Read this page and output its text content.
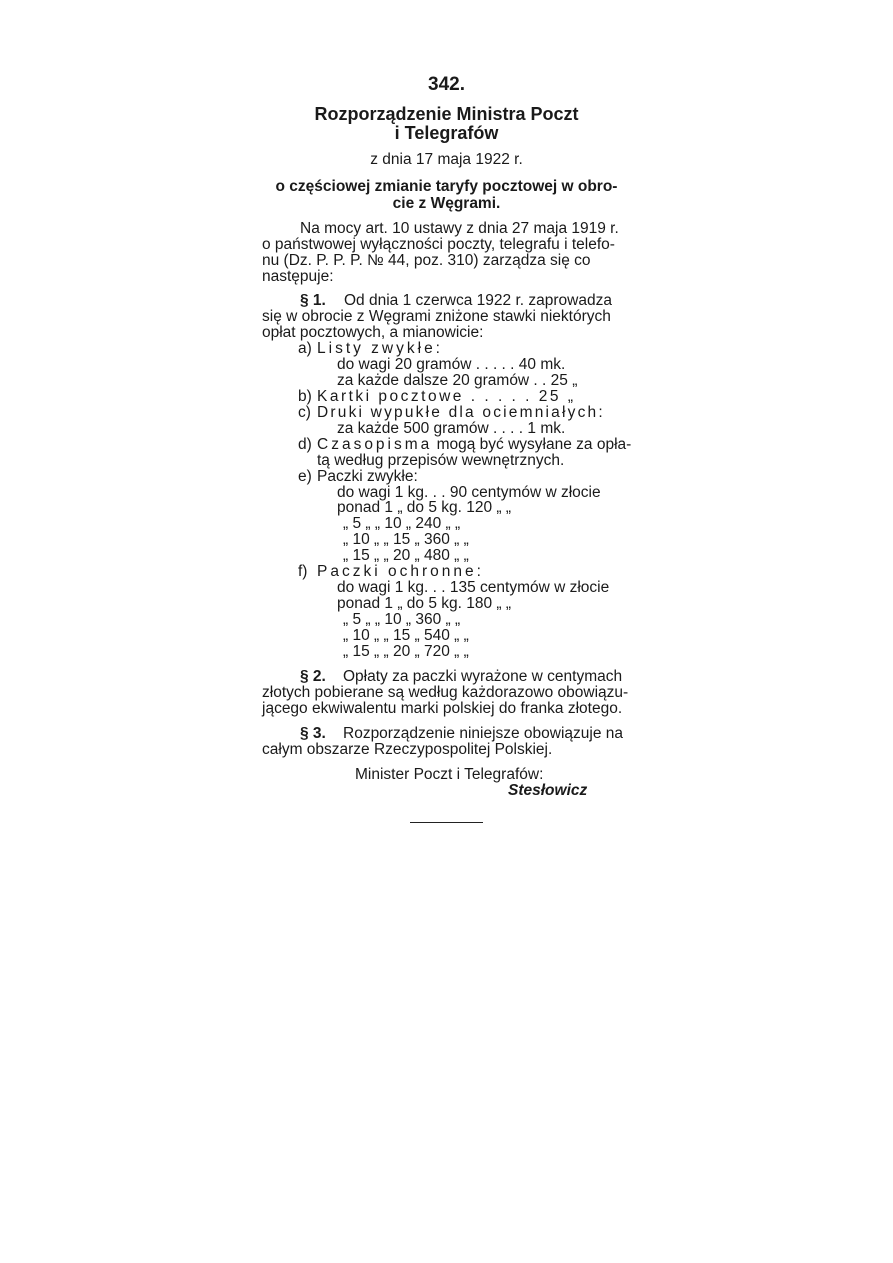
342.
Rozporządzenie Ministra Poczt
i Telegrafów
z dnia 17 maja 1922 r.
o częściowej zmianie taryfy pocztowej w obro-
cie z Węgrami.
Na mocy art. 10 ustawy z dnia 27 maja 1919 r.
o państwowej wyłączności poczty, telegrafu i telefo-
nu (Dz. P. P. P. № 44, poz. 310) zarządza się co
następuje:
§ 1. Od dnia 1 czerwca 1922 r. zaprowadza
się w obrocie z Węgrami zniżone stawki niektórych
opłat pocztowych, a mianowicie:
a) Listy zwykłe:
do wagi 20 gramów . . . . . 40 mk.
za każde dalsze 20 gramów . . 25 „
b) Kartki pocztowe . . . . . 25 „
c) Druki wypukłe dla ociemniałych:
za każde 500 gramów . . . . 1 mk.
d) Czasopisma mogą być wysyłane za opła-
tą według przepisów wewnętrznych.
e) Paczki zwykłe:
do wagi 1 kg. . . 90 centymów w złocie
ponad 1 „ do 5 kg. 120 „ „
„ 5 „ „ 10 „ 240 „ „
„ 10 „ „ 15 „ 360 „ „
„ 15 „ „ 20 „ 480 „ „
f) Paczki ochronne:
do wagi 1 kg. . . 135 centymów w złocie
ponad 1 „ do 5 kg. 180 „ „
„ 5 „ „ 10 „ 360 „ „
„ 10 „ „ 15 „ 540 „ „
„ 15 „ „ 20 „ 720 „ „
§ 2. Opłaty za paczki wyrażone w centymach
złotych pobierane są według każdorazowo obowiązu-
jącego ekwiwalentu marki polskiej do franka złotego.
§ 3. Rozporządzenie niniejsze obowiązuje na
całym obszarze Rzeczypospolitej Polskiej.
Minister Poczt i Telegrafów:
Stesłowicz
